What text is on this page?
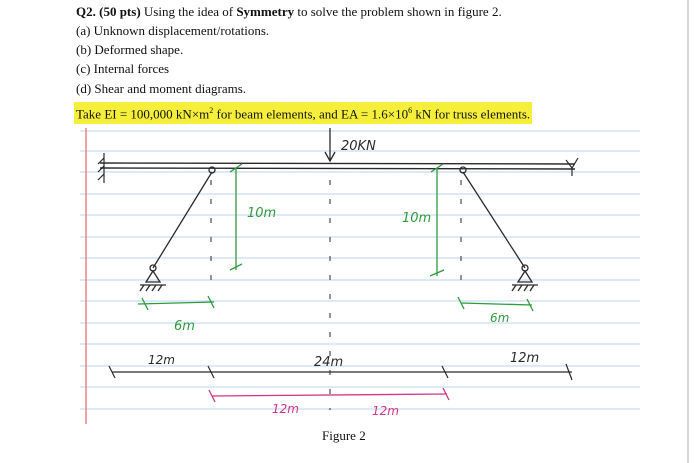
Q2. (50 pts) Using the idea of Symmetry to solve the problem shown in figure 2.
(a) Unknown displacement/rotations.
(b) Deformed shape.
(c) Internal forces
(d) Shear and moment diagrams.
Take EI = 100,000 $kN\times m^2$ for beam elements, and EA = $1.6\times 10^6$ kN for truss elements.
20KN
10m	10m
6m
6m
12m	24m	12m
12m	12m
Figure 2
